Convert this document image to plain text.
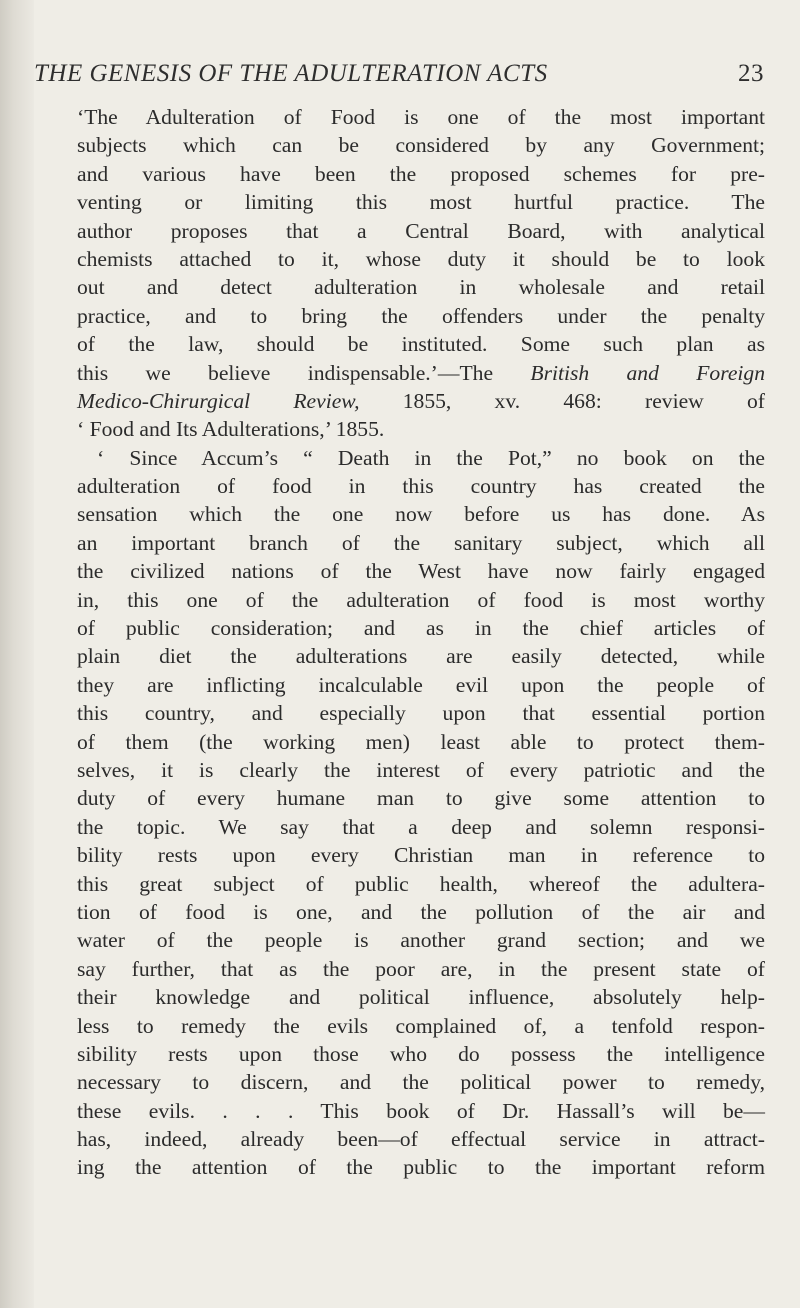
THE GENESIS OF THE ADULTERATION ACTS	23
‘The Adulteration of Food is one of the most important
subjects which can be considered by any Government;
and various have been the proposed schemes for pre-
venting or limiting this most hurtful practice. The
author proposes that a Central Board, with analytical
chemists attached to it, whose duty it should be to look
out and detect adulteration in wholesale and retail
practice, and to bring the offenders under the penalty
of the law, should be instituted. Some such plan as
this we believe indispensable.’—The British and Foreign
Medico-Chirurgical Review, 1855, xv. 468: review of
‘ Food and Its Adulterations,’ 1855.
‘ Since Accum’s “ Death in the Pot,” no book on the
adulteration of food in this country has created the
sensation which the one now before us has done. As
an important branch of the sanitary subject, which all
the civilized nations of the West have now fairly engaged
in, this one of the adulteration of food is most worthy
of public consideration; and as in the chief articles of
plain diet the adulterations are easily detected, while
they are inflicting incalculable evil upon the people of
this country, and especially upon that essential portion
of them (the working men) least able to protect them-
selves, it is clearly the interest of every patriotic and the
duty of every humane man to give some attention to
the topic. We say that a deep and solemn responsi-
bility rests upon every Christian man in reference to
this great subject of public health, whereof the adultera-
tion of food is one, and the pollution of the air and
water of the people is another grand section; and we
say further, that as the poor are, in the present state of
their knowledge and political influence, absolutely help-
less to remedy the evils complained of, a tenfold respon-
sibility rests upon those who do possess the intelligence
necessary to discern, and the political power to remedy,
these evils. . . . This book of Dr. Hassall’s will be—
has, indeed, already been—of effectual service in attract-
ing the attention of the public to the important reform
